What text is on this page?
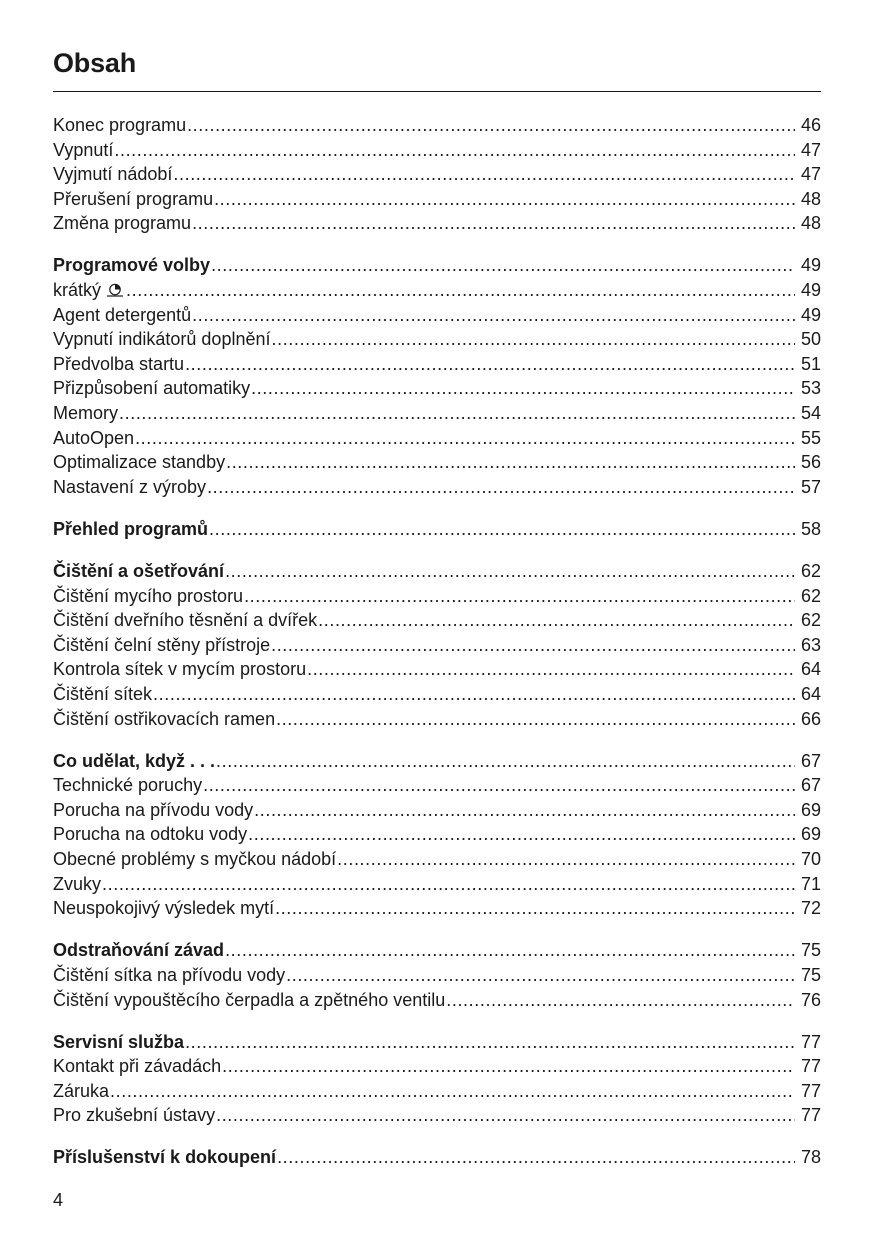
Obsah
Konec programu .....	46
Vypnutí .....	47
Vyjmutí nádobí .....	47
Přerušení programu .....	48
Změna programu .....	48
Programové volby .....	49
krátký .....	49
Agent detergentů .....	49
Vypnutí indikátorů doplnění .....	50
Předvolba startu .....	51
Přizpůsobení automatiky .....	53
Memory .....	54
AutoOpen .....	55
Optimalizace standby .....	56
Nastavení z výroby .....	57
Přehled programů .....	58
Čištění a ošetřování .....	62
Čištění mycího prostoru .....	62
Čištění dveřního těsnění a dvířek .....	62
Čištění čelní stěny přístroje .....	63
Kontrola sítek v mycím prostoru .....	64
Čištění sítek .....	64
Čištění ostřikovacích ramen .....	66
Co udělat, když . . . .....	67
Technické poruchy .....	67
Porucha na přívodu vody .....	69
Porucha na odtoku vody .....	69
Obecné problémy s myčkou nádobí .....	70
Zvuky .....	71
Neuspokojivý výsledek mytí .....	72
Odstraňování závad .....	75
Čištění sítka na přívodu vody .....	75
Čištění vypouštěcího čerpadla a zpětného ventilu .....	76
Servisní služba .....	77
Kontakt při závadách .....	77
Záruka .....	77
Pro zkušební ústavy .....	77
Příslušenství k dokoupení .....	78
4
